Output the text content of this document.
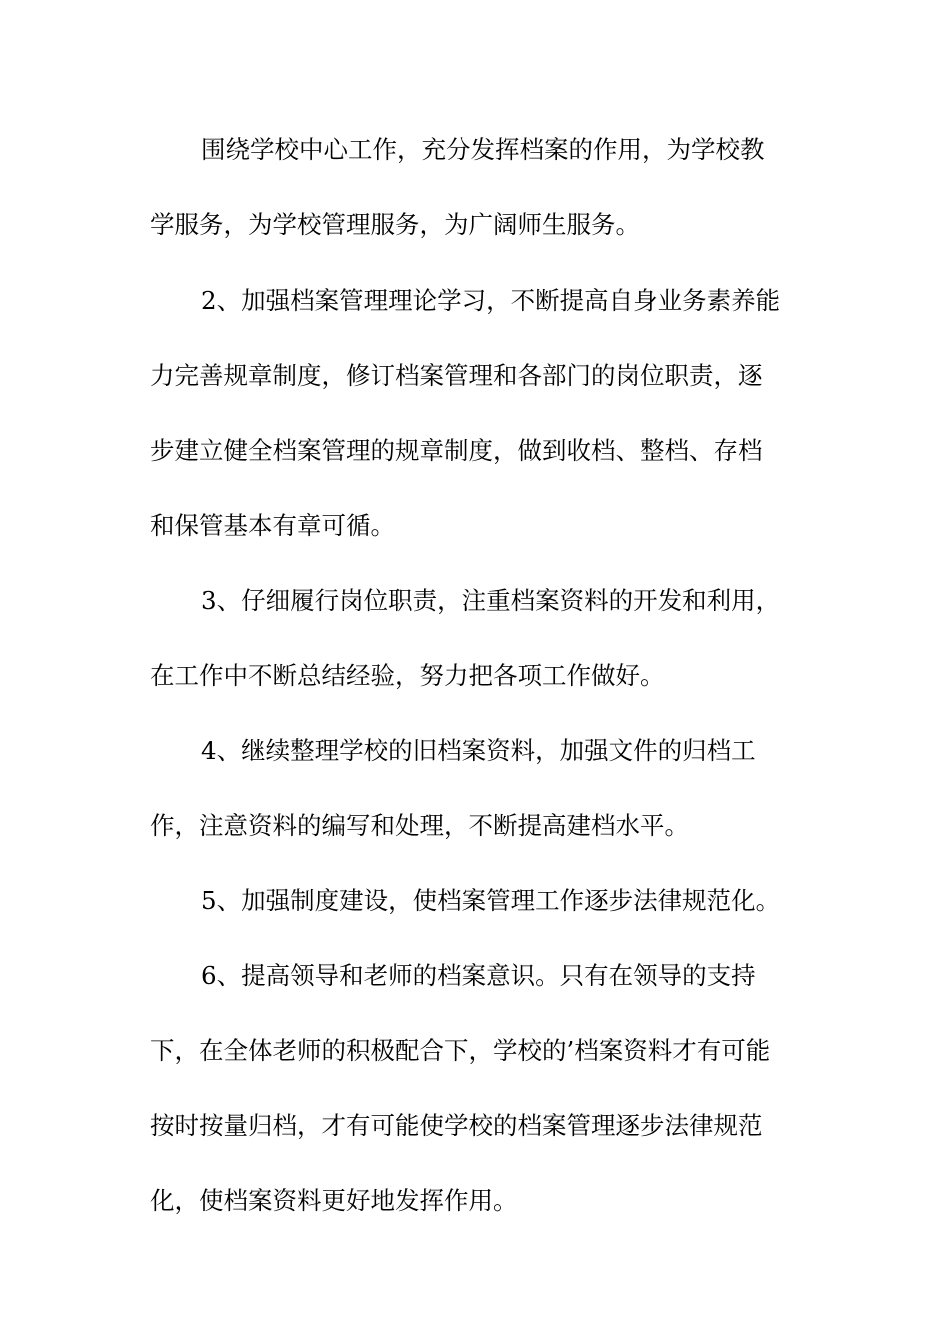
围绕学校中心工作，充分发挥档案的作用，为学校教
学服务，为学校管理服务，为广阔师生服务。
2、加强档案管理理论学习，不断提高自身业务素养能
力完善规章制度，修订档案管理和各部门的岗位职责，逐
步建立健全档案管理的规章制度，做到收档、整档、存档
和保管基本有章可循。
3、仔细履行岗位职责，注重档案资料的开发和利用，
在工作中不断总结经验，努力把各项工作做好。
4、继续整理学校的旧档案资料，加强文件的归档工
作，注意资料的编写和处理，不断提高建档水平。
5、加强制度建设，使档案管理工作逐步法律规范化。
6、提高领导和老师的档案意识。只有在领导的支持
下，在全体老师的积极配合下，学校的’档案资料才有可能
按时按量归档，才有可能使学校的档案管理逐步法律规范
化，使档案资料更好地发挥作用。
